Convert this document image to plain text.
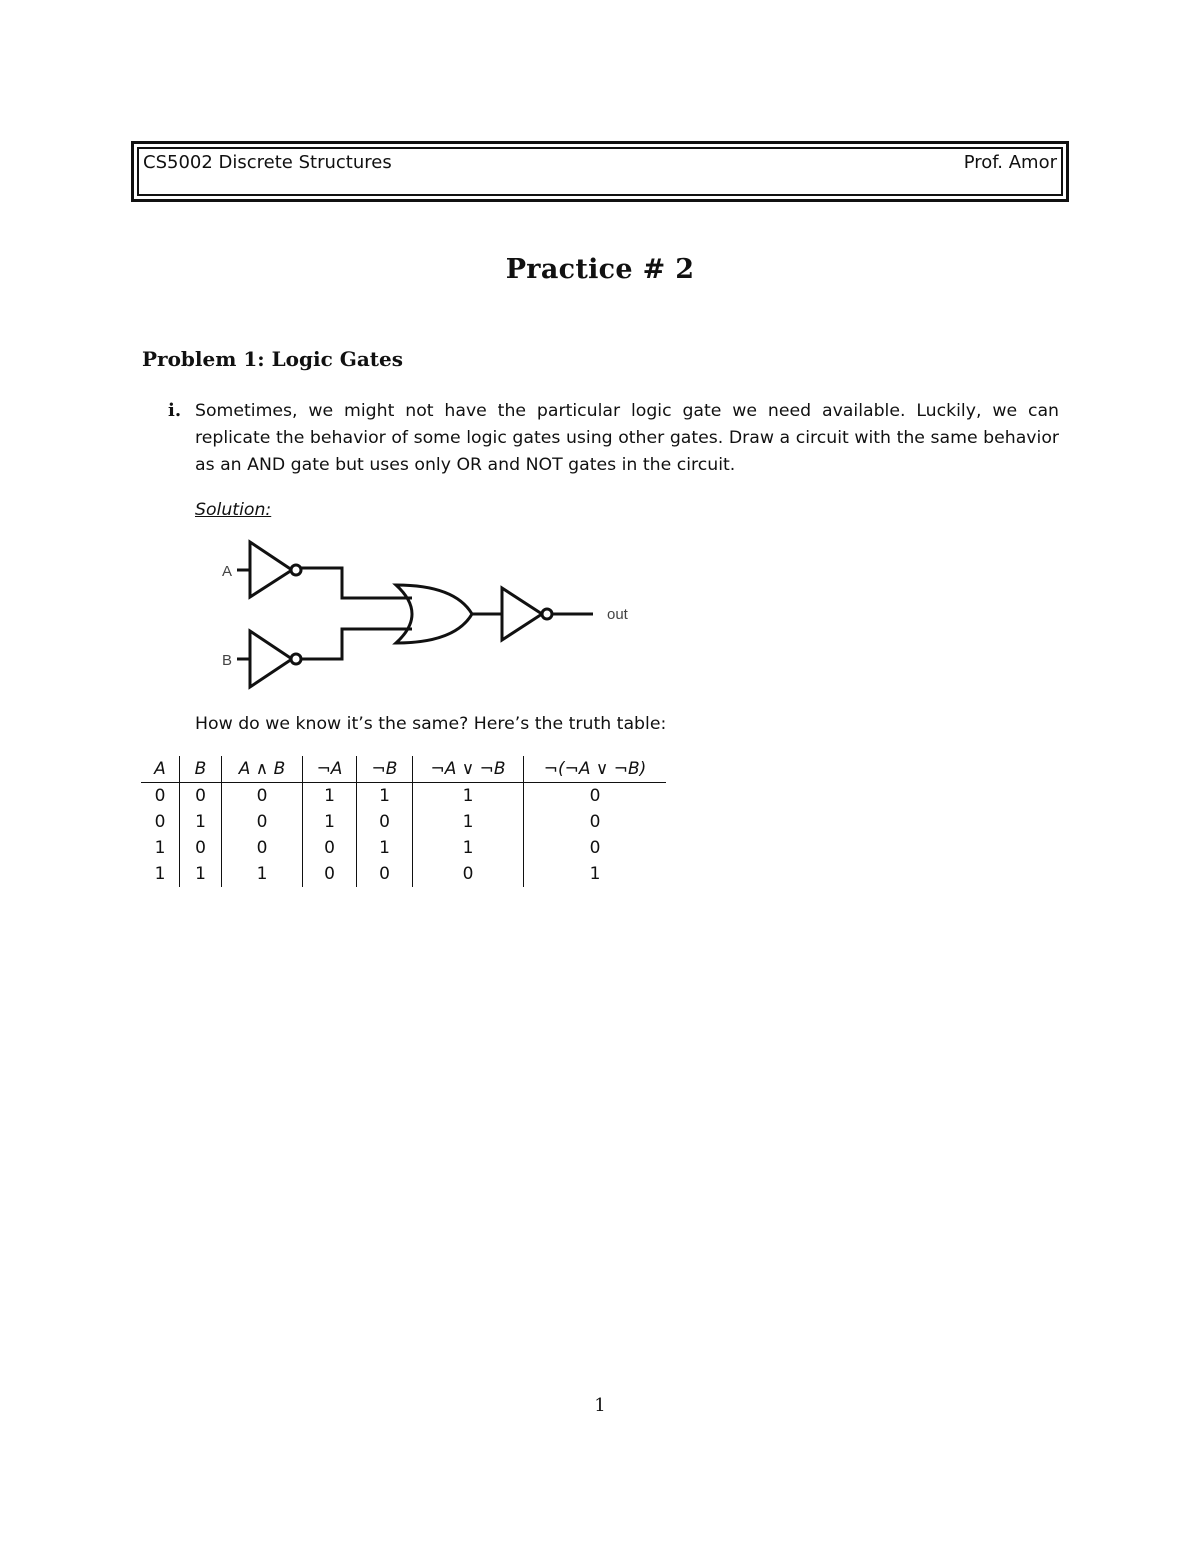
CS5002 Discrete Structures	Prof. Amor
Practice # 2
Problem 1: Logic Gates
i. Sometimes, we might not have the particular logic gate we need available. Luckily, we can replicate the behavior of some logic gates using other gates. Draw a circuit with the same behavior as an AND gate but uses only OR and NOT gates in the circuit.
Solution:
A
B
out
How do we know it’s the same? Here’s the truth table:
A	B	A ∧ B	¬A	¬B	¬A ∨ ¬B	¬(¬A ∨ ¬B)
0	0	0	1	1	1	0
0	1	0	1	0	1	0
1	0	0	0	1	1	0
1	1	1	0	0	0	1
1
